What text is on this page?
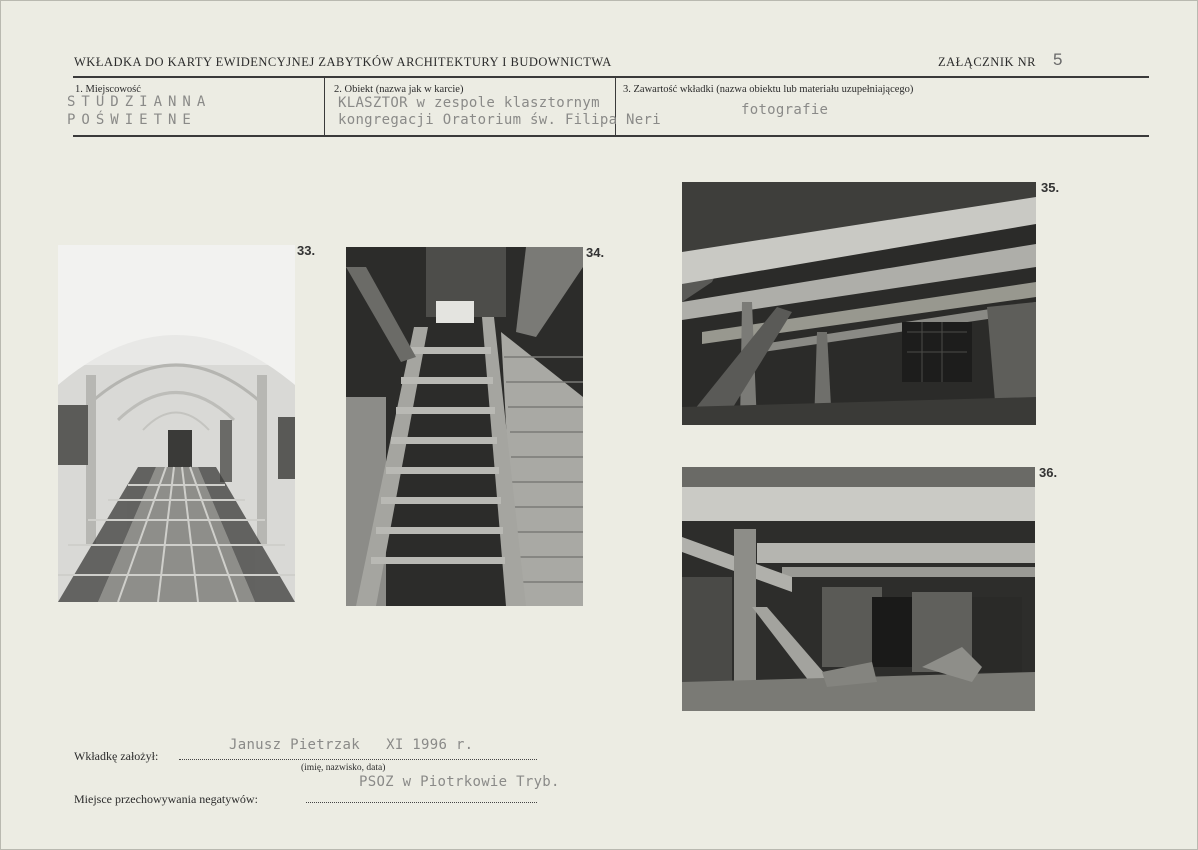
WKŁADKA DO KARTY EWIDENCYJNEJ ZABYTKÓW ARCHITEKTURY I BUDOWNICTWA	ZAŁĄCZNIK NR 5
1. Miejscowość
STUDZIANNA
POŚWIETNE
2. Obiekt (nazwa jak w karcie)
KLASZTOR w zespole klasztornym
kongregacji Oratorium św. Filipa Neri
3. Zawartość wkładki (nazwa obiektu lub materiału uzupełniającego)
fotografie
33.	34.
35.
36.
Wkładkę założył:
Janusz Pietrzak   XI 1996 r.
(imię, nazwisko, data)
Miejsce przechowywania negatywów:
PSOZ w Piotrkowie Tryb.
